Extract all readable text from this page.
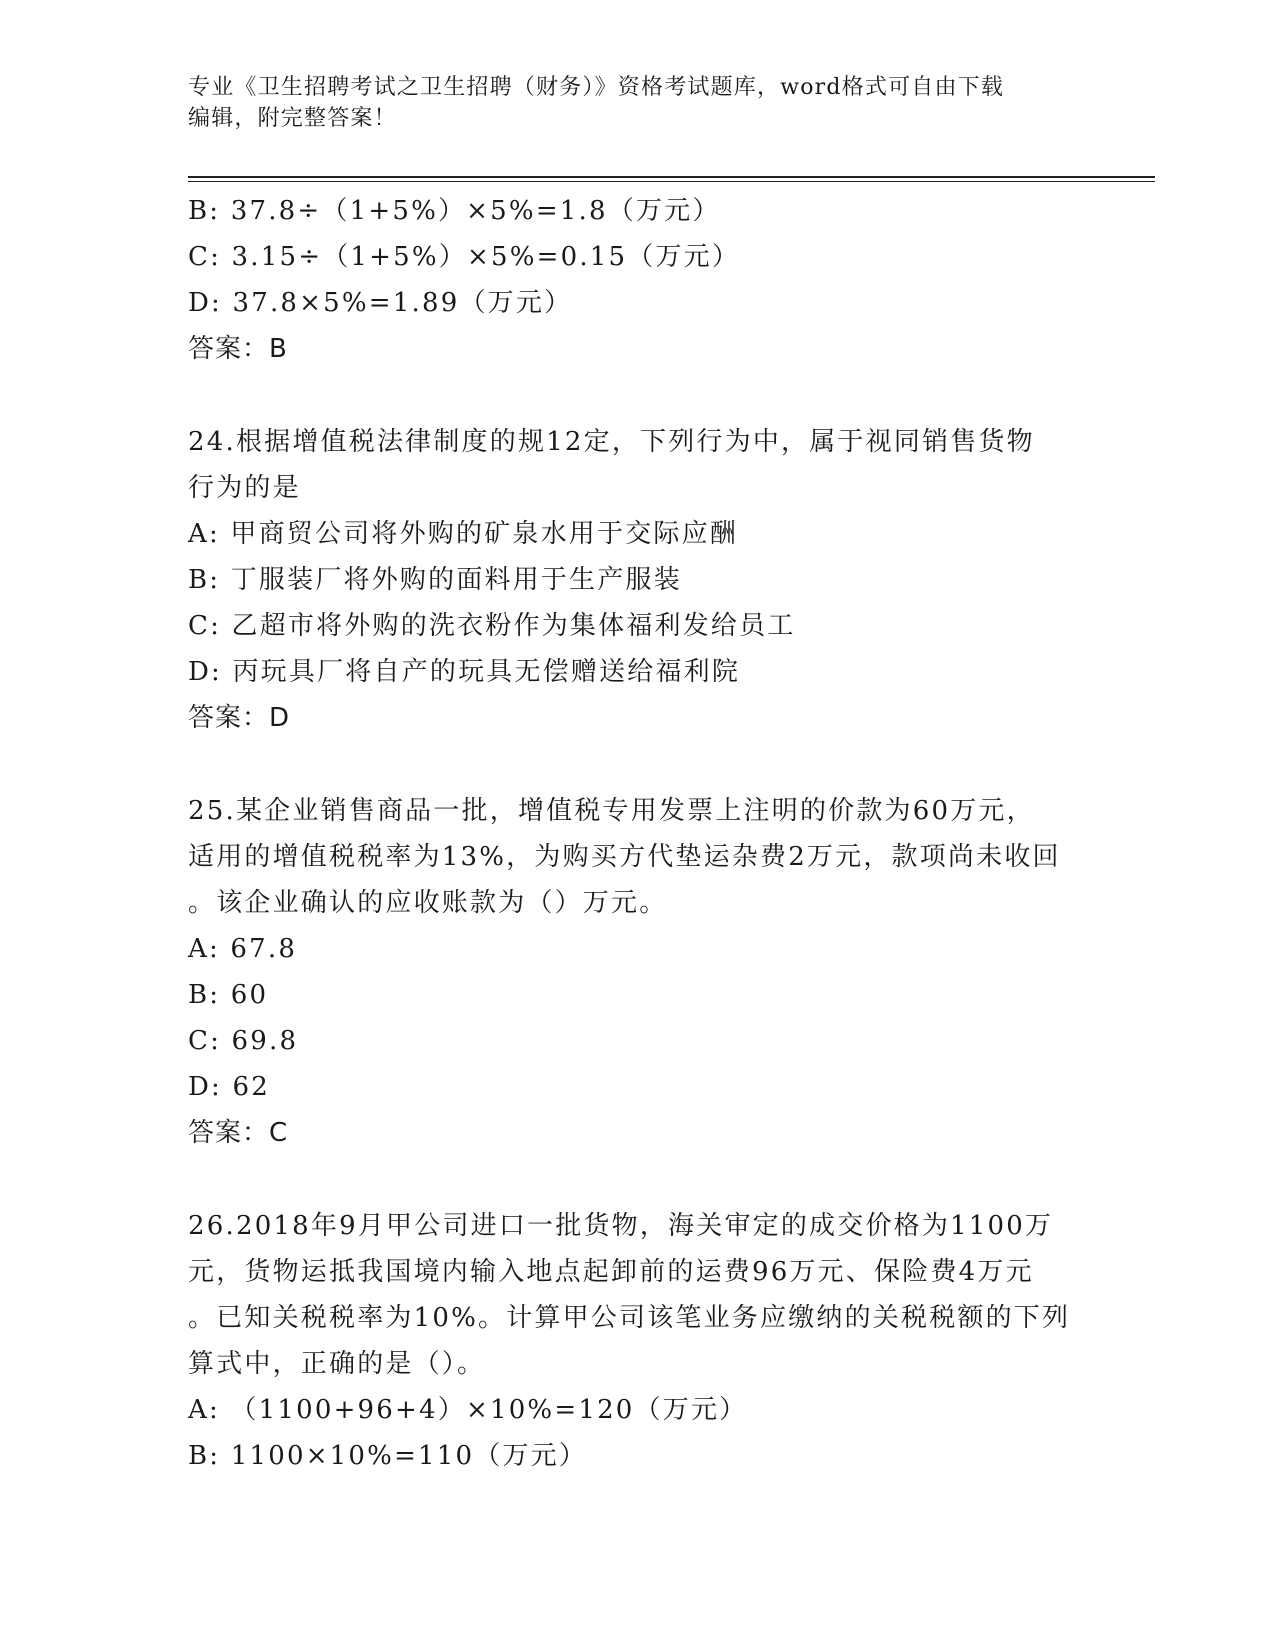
专业《卫生招聘考试之卫生招聘（财务）》资格考试题库，word格式可自由下载
编辑，附完整答案！
B: 37.8÷（1+5%）×5%=1.8（万元）
C: 3.15÷（1+5%）×5%=0.15（万元）
D: 37.8×5%=1.89（万元）
答案：B
24.根据增值税法律制度的规12定，下列行为中，属于视同销售货物
行为的是
A: 甲商贸公司将外购的矿泉水用于交际应酬
B: 丁服装厂将外购的面料用于生产服装
C: 乙超市将外购的洗衣粉作为集体福利发给员工
D: 丙玩具厂将自产的玩具无偿赠送给福利院
答案：D
25.某企业销售商品一批，增值税专用发票上注明的价款为60万元，
适用的增值税税率为13%，为购买方代垫运杂费2万元，款项尚未收回
。该企业确认的应收账款为（）万元。
A: 67.8
B: 60
C: 69.8
D: 62
答案：C
26.2018年9月甲公司进口一批货物，海关审定的成交价格为1100万
元，货物运抵我国境内输入地点起卸前的运费96万元、保险费4万元
。已知关税税率为10%。计算甲公司该笔业务应缴纳的关税税额的下列
算式中，正确的是（）。
A: （1100+96+4）×10%=120（万元）
B: 1100×10%=110（万元）
